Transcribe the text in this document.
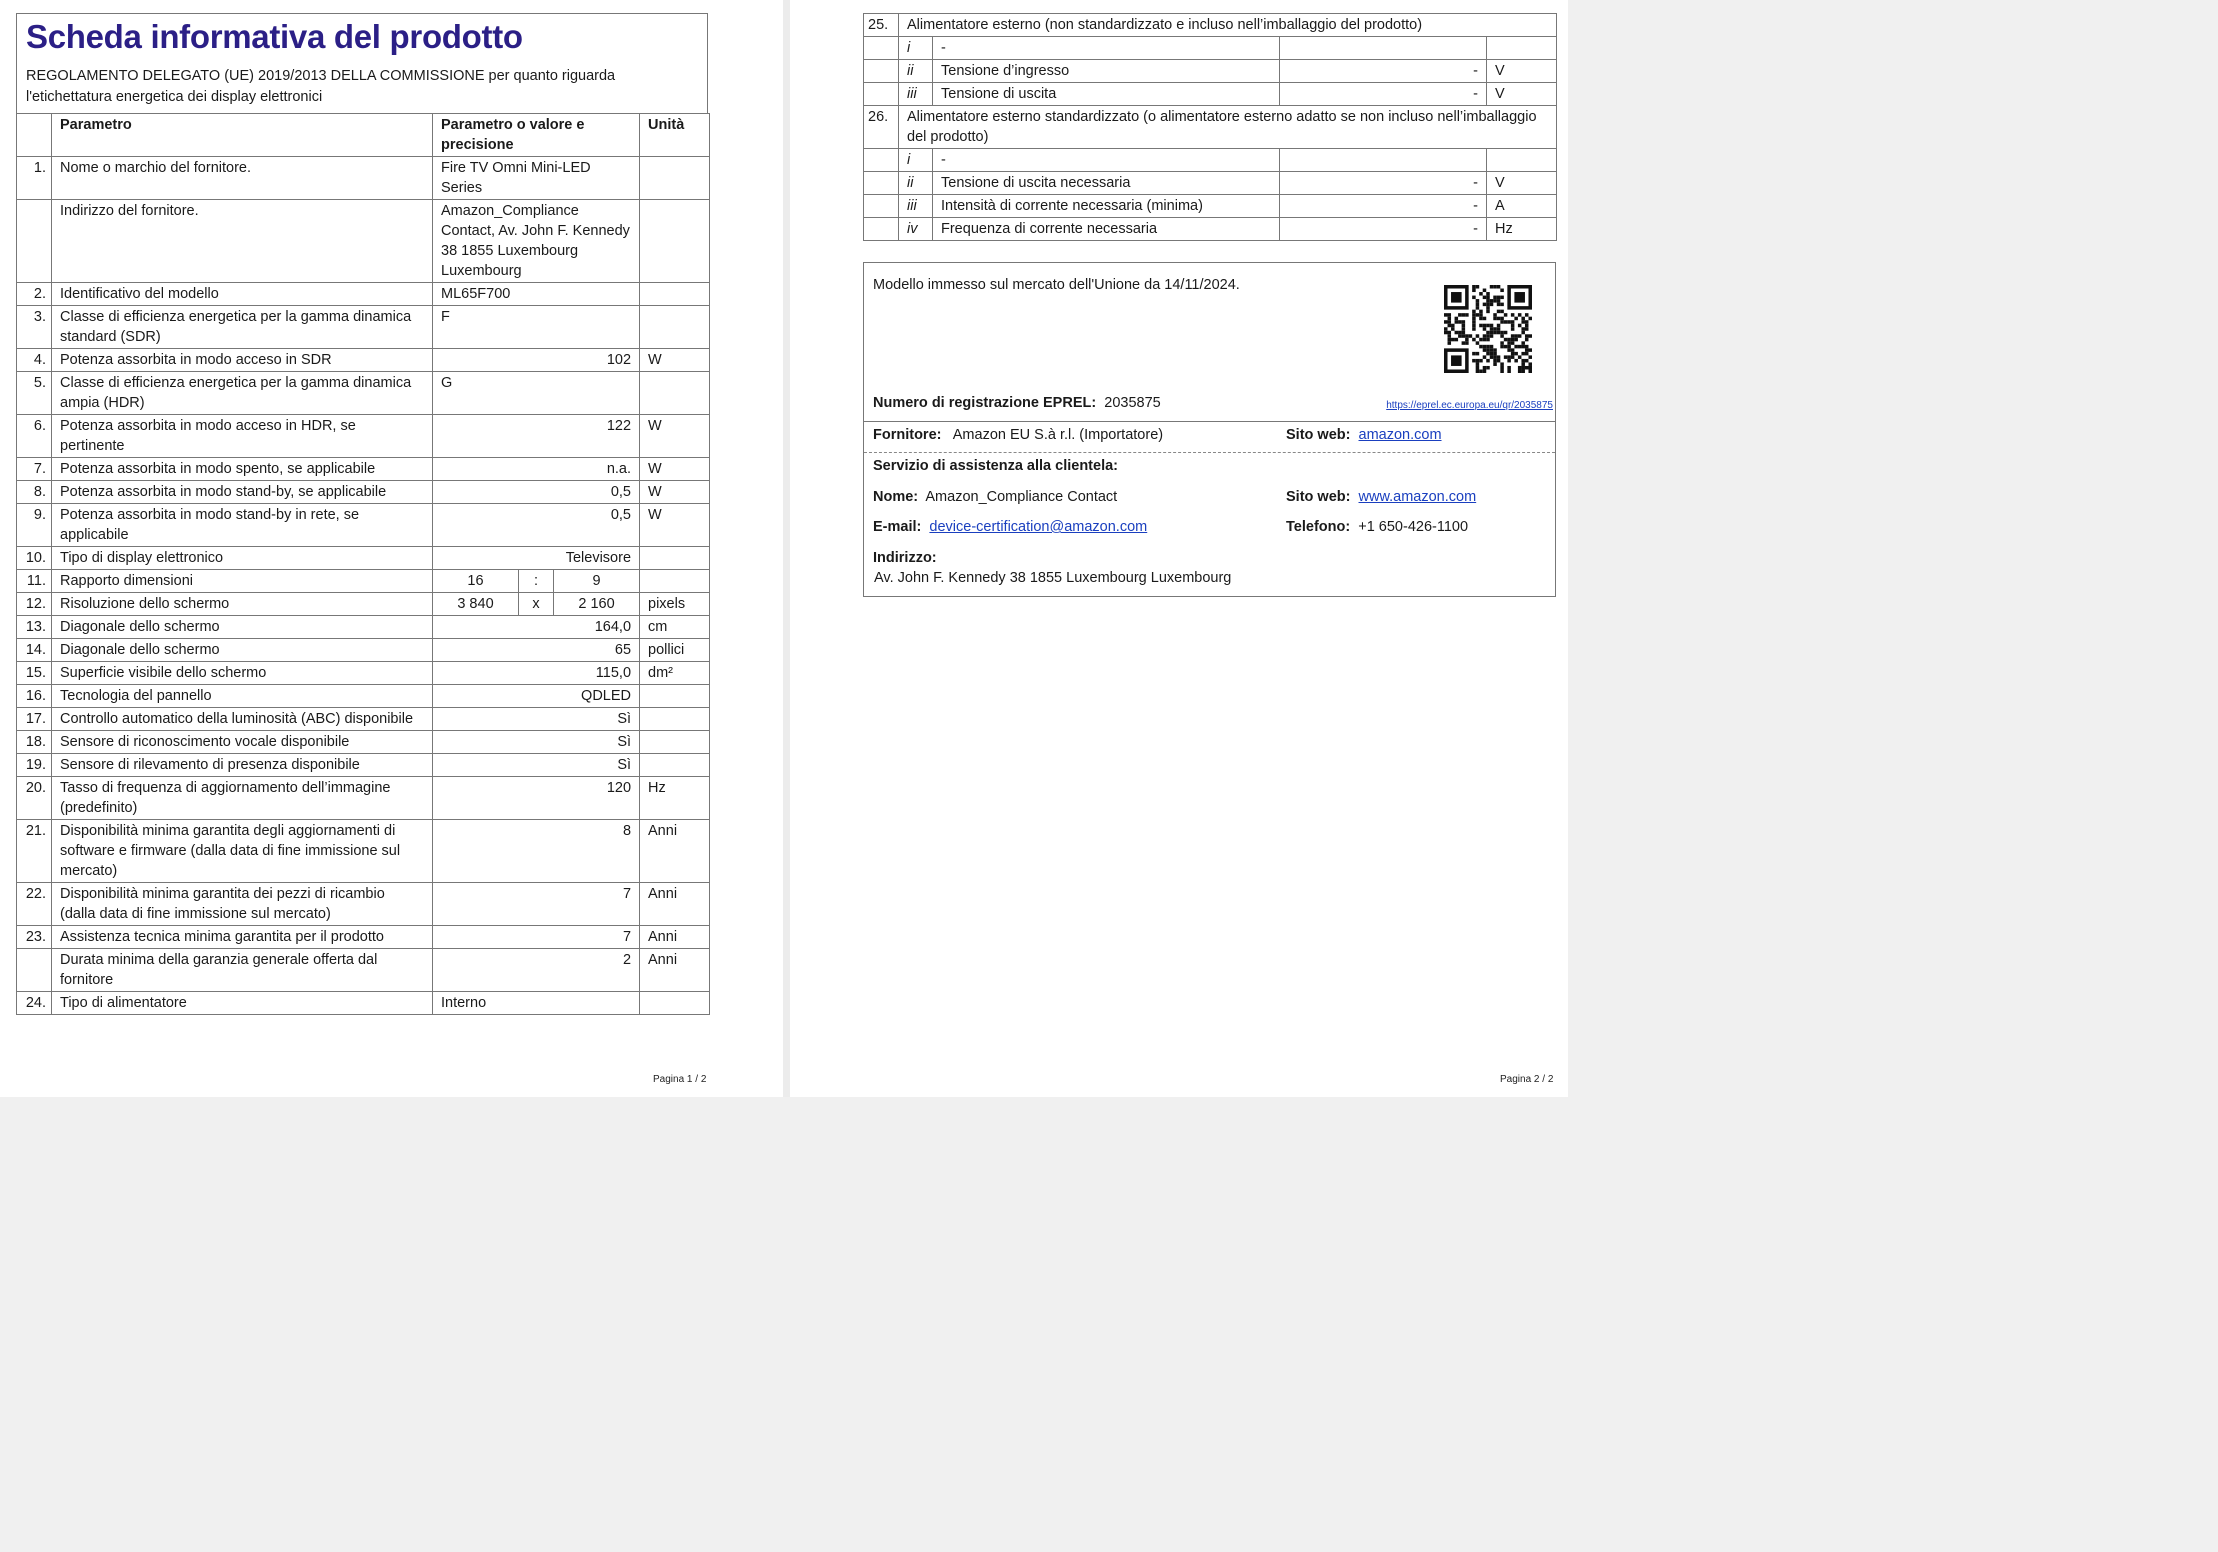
Scheda informativa del prodotto
REGOLAMENTO DELEGATO (UE) 2019/2013 DELLA COMMISSIONE per quanto riguarda l'etichettatura energetica dei display elettronici
	Parametro	Parametro o valore e precisione			Unità
1.	Nome o marchio del fornitore.	Fire TV Omni Mini-LED Series			
	Indirizzo del fornitore.	Amazon_Compliance Contact, Av. John F. Kennedy 38 1855 Luxembourg Luxembourg			
2.	Identificativo del modello	ML65F700			
3.	Classe di efficienza energetica per la gamma dinamica standard (SDR)	F			
4.	Potenza assorbita in modo acceso in SDR	102			W
5.	Classe di efficienza energetica per la gamma dinamica ampia (HDR)	G			
6.	Potenza assorbita in modo acceso in HDR, se pertinente	122			W
7.	Potenza assorbita in modo spento, se applicabile	n.a.			W
8.	Potenza assorbita in modo stand-by, se applicabile	0,5			W
9.	Potenza assorbita in modo stand-by in rete, se applicabile	0,5			W
10.	Tipo di display elettronico	Televisore			
11.	Rapporto dimensioni	16	:	9	
12.	Risoluzione dello schermo	3 840	x	2 160	pixels
13.	Diagonale dello schermo	164,0			cm
14.	Diagonale dello schermo	65			pollici
15.	Superficie visibile dello schermo	115,0			dm²
16.	Tecnologia del pannello	QDLED			
17.	Controllo automatico della luminosità (ABC) disponibile	Sì			
18.	Sensore di riconoscimento vocale disponibile	Sì			
19.	Sensore di rilevamento di presenza disponibile	Sì			
20.	Tasso di frequenza di aggiornamento dell’immagine (predefinito)	120			Hz
21.	Disponibilità minima garantita degli aggiornamenti di software e firmware (dalla data di fine immissione sul mercato)	8			Anni
22.	Disponibilità minima garantita dei pezzi di ricambio (dalla data di fine immissione sul mercato)	7			Anni
23.	Assistenza tecnica minima garantita per il prodotto	7			Anni
	Durata minima della garanzia generale offerta dal fornitore	2			Anni
24.	Tipo di alimentatore	Interno			
Pagina 1 / 2
25.	Alimentatore esterno (non standardizzato e incluso nell’imballaggio del prodotto)			
	i	-		
	ii	Tensione d’ingresso	-	V
	iii	Tensione di uscita	-	V
26.	Alimentatore esterno standardizzato (o alimentatore esterno adatto se non incluso nell’imballaggio del prodotto)			
	i	-		
	ii	Tensione di uscita necessaria	-	V
	iii	Intensità di corrente necessaria (minima)	-	A
	iv	Frequenza di corrente necessaria	-	Hz
Modello immesso sul mercato dell'Unione da 14/11/2024.
Numero di registrazione EPREL: 2035875	https://eprel.ec.europa.eu/qr/2035875
Fornitore: Amazon EU S.à r.l. (Importatore)	Sito web: amazon.com
Servizio di assistenza alla clientela:
Nome: Amazon_Compliance Contact	Sito web: www.amazon.com
E-mail: device-certification@amazon.com	Telefono: +1 650-426-1100
Indirizzo:
Av. John F. Kennedy 38 1855 Luxembourg Luxembourg
Pagina 2 / 2
